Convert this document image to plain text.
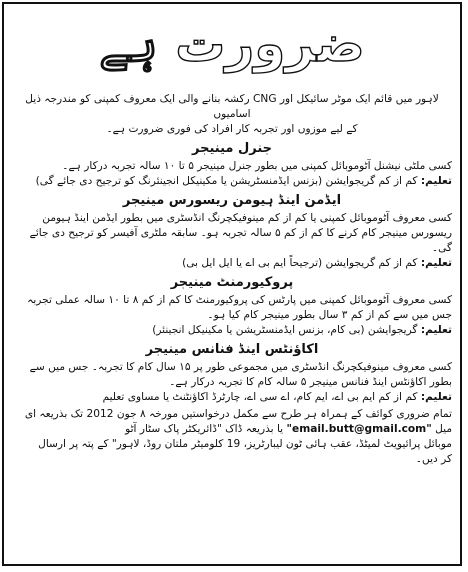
ضرورت ہے
لاہور میں قائم ایک موٹر سائیکل اور CNG رکشہ بنانے والی ایک معروف کمپنی کو مندرجہ ذیل اسامیوں
کے لیے موزوں اور تجربہ کار افراد کی فوری ضرورت ہے۔
جنرل مینیجر

کسی ملٹی نیشنل آٹوموبائل کمپنی میں بطور جنرل مینیجر ۵ تا ۱۰ سالہ تجربہ درکار ہے۔

تعلیم: کم از کم گریجوایشن (بزنس ایڈمنسٹریشن یا مکینیکل انجینئرنگ کو ترجیح دی جائے گی)

ایڈمن اینڈ ہیومن ریسورس مینیجر

کسی معروف آٹوموبائل کمپنی یا کم از کم مینوفیکچرنگ انڈسٹری میں بطور ایڈمن اینڈ ہیومن ریسورس مینیجر کام کرنے کا کم از کم ۵ سالہ تجربہ ہو۔ سابقہ ملٹری آفیسر کو ترجیح دی جائے گی۔

تعلیم: کم از کم گریجوایشن (ترجیحاً ایم بی اے یا ایل ایل بی)

پروکیورمنٹ مینیجر

کسی معروف آٹوموبائل کمپنی میں پارٹس کی پروکیورمنٹ کا کم از کم ۸ تا ۱۰ سالہ عملی تجربہ جس میں سے کم از کم ۳ سال بطور مینیجر کام کیا ہو۔

تعلیم: گریجوایشن (بی کام، بزنس ایڈمنسٹریشن یا مکینیکل انجینئر)

اکاؤنٹس اینڈ فنانس مینیجر

کسی معروف مینوفیکچرنگ انڈسٹری میں مجموعی طور پر ۱۵ سال کام کا تجربہ۔ جس میں سے بطور اکاؤنٹس اینڈ فنانس مینیجر ۵ سالہ کام کا تجربہ درکار ہے۔

تعلیم: کم از کم ایم بی اے، ایم کام، اے سی اے، چارٹرڈ اکاؤنٹنٹ یا مساوی تعلیم

تمام ضروری کوائف کے ہمراہ ہر طرح سے مکمل درخواستیں مورخہ ۸ جون 2012 تک بذریعہ ای
میل "email.butt@gmail.com" یا بذریعہ ڈاک "ڈائریکٹر پاک سٹار آٹو
موبائل پرائیویٹ لمیٹڈ، عقب ہائی ٹون لیبارٹریز، 19 کلومیٹر ملتان روڈ، لاہور" کے پتہ پر ارسال
کر دیں۔
